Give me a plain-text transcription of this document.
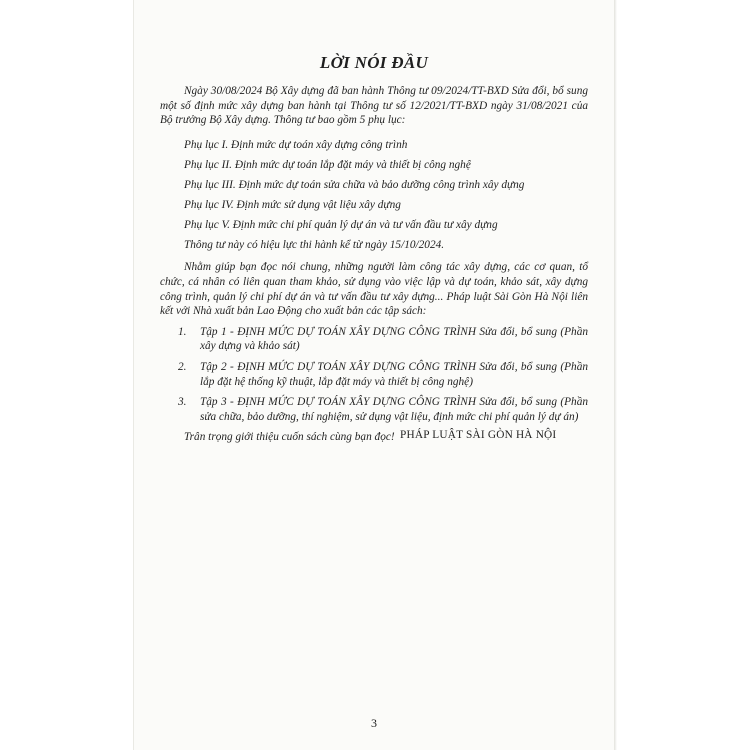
LỜI NÓI ĐẦU

Ngày 30/08/2024 Bộ Xây dựng đã ban hành Thông tư 09/2024/TT-BXD Sửa đổi, bổ sung một số định mức xây dựng ban hành tại Thông tư số 12/2021/TT-BXD ngày 31/08/2021 của Bộ trưởng Bộ Xây dựng. Thông tư bao gồm 5 phụ lục:

Phụ lục I. Định mức dự toán xây dựng công trình
Phụ lục II. Định mức dự toán lắp đặt máy và thiết bị công nghệ
Phụ lục III. Định mức dự toán sửa chữa và bảo dưỡng công trình xây dựng
Phụ lục IV. Định mức sử dụng vật liệu xây dựng
Phụ lục V. Định mức chi phí quản lý dự án và tư vấn đầu tư xây dựng

Thông tư này có hiệu lực thi hành kể từ ngày 15/10/2024.

Nhằm giúp bạn đọc nói chung, những người làm công tác xây dựng, các cơ quan, tổ chức, cá nhân có liên quan tham khảo, sử dụng vào việc lập và dự toán, khảo sát, xây dựng công trình, quản lý chi phí dự án và tư vấn đầu tư xây dựng... Pháp luật Sài Gòn Hà Nội liên kết với Nhà xuất bản Lao Động cho xuất bản các tập sách:

1. Tập 1 - ĐỊNH MỨC DỰ TOÁN XÂY DỰNG CÔNG TRÌNH Sửa đổi, bổ sung (Phần xây dựng và khảo sát)
2. Tập 2 - ĐỊNH MỨC DỰ TOÁN XÂY DỰNG CÔNG TRÌNH Sửa đổi, bổ sung (Phần lắp đặt hệ thống kỹ thuật, lắp đặt máy và thiết bị công nghệ)
3. Tập 3 - ĐỊNH MỨC DỰ TOÁN XÂY DỰNG CÔNG TRÌNH Sửa đổi, bổ sung (Phần sửa chữa, bảo dưỡng, thí nghiệm, sử dụng vật liệu, định mức chi phí quản lý dự án)

Trân trọng giới thiệu cuốn sách cùng bạn đọc! PHÁP LUẬT SÀI GÒN HÀ NỘI
3
